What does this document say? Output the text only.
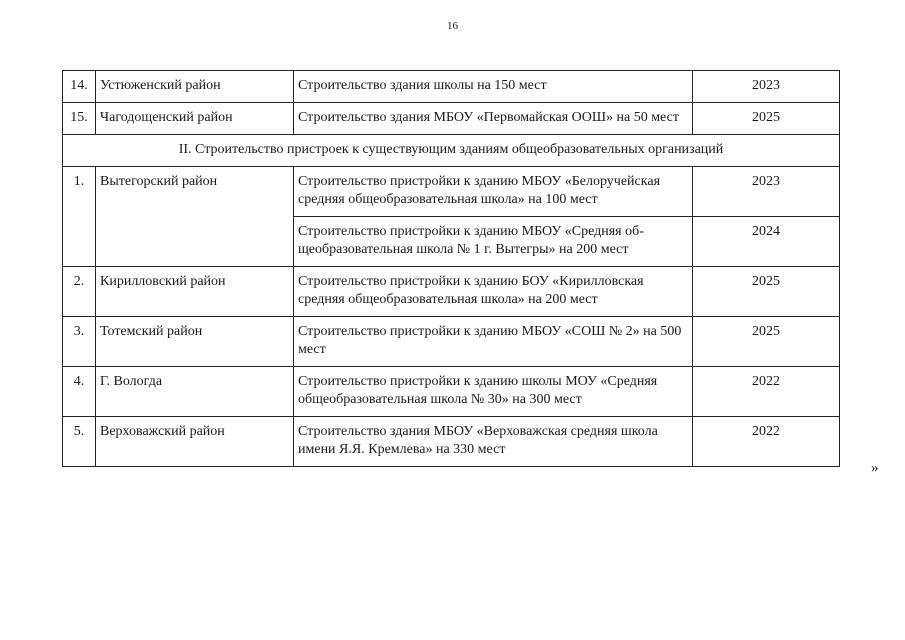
16
14.	Устюженский район	Строительство здания школы на 150 мест	2023
15.	Чагодощенский район	Строительство здания МБОУ «Первомайская ООШ» на 50 мест	2025
II. Строительство пристроек к существующим зданиям общеобразовательных организаций			
1.	Вытегорский район	Строительство пристройки к зданию МБОУ «Белоручейская средняя общеобразовательная школа» на 100 мест	2023
		Строительство пристройки к зданию МБОУ «Средняя об-щеобразовательная школа № 1 г. Вытегры» на 200 мест	2024
2.	Кирилловский район	Строительство пристройки к зданию БОУ «Кирилловская средняя общеобразовательная школа» на 200 мест	2025
3.	Тотемский район	Строительство пристройки к зданию МБОУ «СОШ № 2» на 500 мест	2025
4.	Г. Вологда	Строительство пристройки к зданию школы МОУ «Средняя общеобразовательная школа № 30» на 300 мест	2022
5.	Верховажский район	Строительство здания МБОУ «Верховажская средняя школа имени Я.Я. Кремлева» на 330 мест	2022
»
